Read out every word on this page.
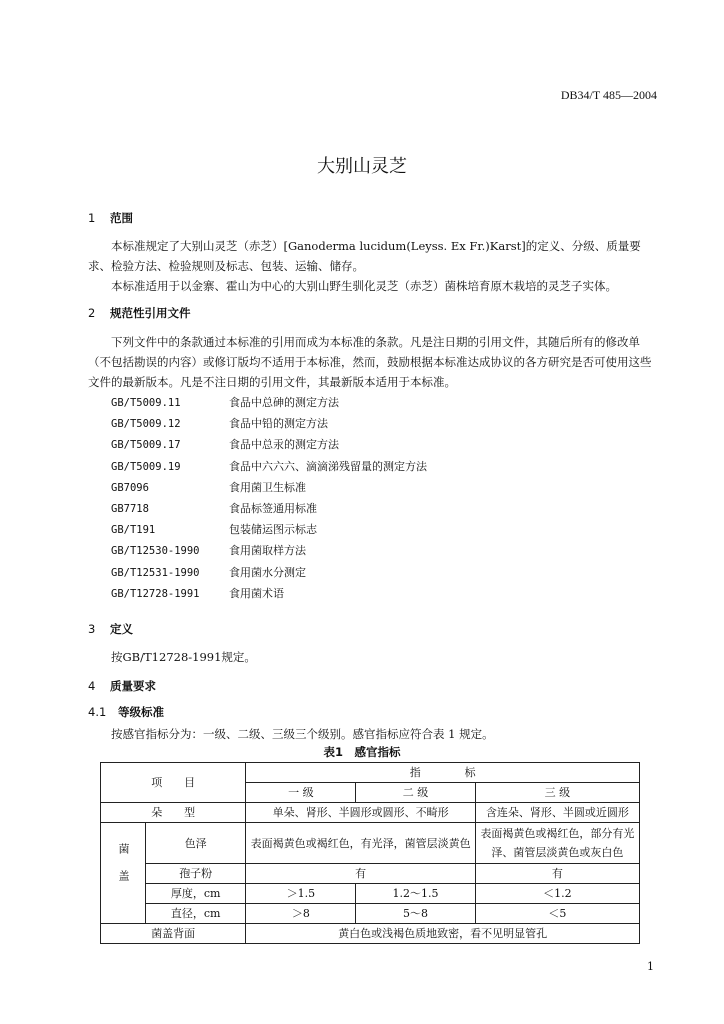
DB34/T 485—2004
大别山灵芝
1 范围
本标准规定了大别山灵芝（赤芝）[Ganoderma lucidum(Leyss. Ex Fr.)Karst]的定义、分级、质量要求、检验方法、检验规则及标志、包装、运输、储存。
本标准适用于以金寨、霍山为中心的大别山野生驯化灵芝（赤芝）菌株培育原木栽培的灵芝子实体。
2 规范性引用文件
下列文件中的条款通过本标准的引用而成为本标准的条款。凡是注日期的引用文件，其随后所有的修改单（不包括勘误的内容）或修订版均不适用于本标准，然而，鼓励根据本标准达成协议的各方研究是否可使用这些文件的最新版本。凡是不注日期的引用文件，其最新版本适用于本标准。
GB/T5009.11	食品中总砷的测定方法
GB/T5009.12	食品中铅的测定方法
GB/T5009.17	食品中总汞的测定方法
GB/T5009.19	食品中六六六、滴滴涕残留量的测定方法
GB7096	食用菌卫生标准
GB7718	食品标签通用标准
GB/T191	包装储运图示标志
GB/T12530-1990	食用菌取样方法
GB/T12531-1990	食用菌水分测定
GB/T12728-1991	食用菌术语
3 定义
按GB/T12728-1991规定。
4 质量要求
4.1 等级标准
按感官指标分为：一级、二级、三级三个级别。感官指标应符合表 1 规定。
表1　感官指标
项　　目		指　　　　标		
		一 级	二 级	三 级
朵　　型		单朵、肾形、半圆形或圆形、不畸形		含连朵、肾形、半圆或近圆形
菌盖	色泽	表面褐黄色或褐红色，有光泽，菌管层淡黄色		表面褐黄色或褐红色，部分有光泽、菌管层淡黄色或灰白色
	孢子粉	有		有
	厚度，cm	＞1.5	1.2～1.5	＜1.2
	直径，cm	＞8	5～8	＜5
菌盖背面		黄白色或浅褐色质地致密，看不见明显管孔		
1
